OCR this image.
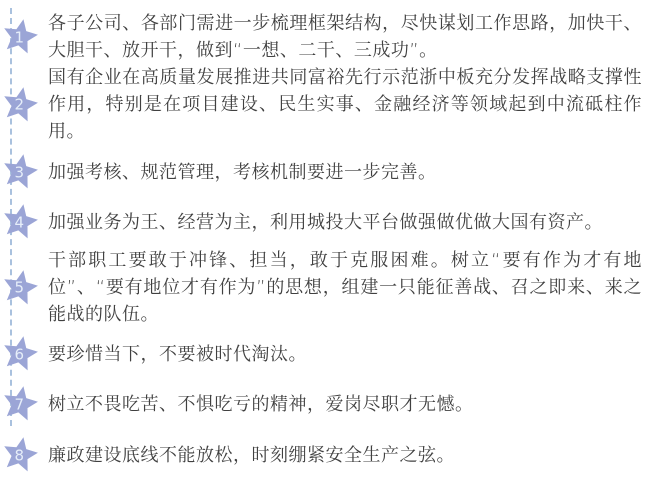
1

各子公司、各部门需进一步梳理框架结构，尽快谋划工作思路，加快干、大胆干、放开干，做到“一想、二干、三成功”。

2

国有企业在高质量发展推进共同富裕先行示范浙中板充分发挥战略支撑性作用，特别是在项目建设、民生实事、金融经济等领域起到中流砥柱作用。

3 加强考核、规范管理，考核机制要进一步完善。

4 加强业务为王、经营为主，利用城投大平台做强做优做大国有资产。

5

干部职工要敢于冲锋、担当，敢于克服困难。树立“要有作为才有地位”、“要有地位才有作为”的思想，组建一只能征善战、召之即来、来之能战的队伍。

6 要珍惜当下，不要被时代淘汰。

7 树立不畏吃苦、不惧吃亏的精神，爱岗尽职才无憾。

8 廉政建设底线不能放松，时刻绷紧安全生产之弦。
